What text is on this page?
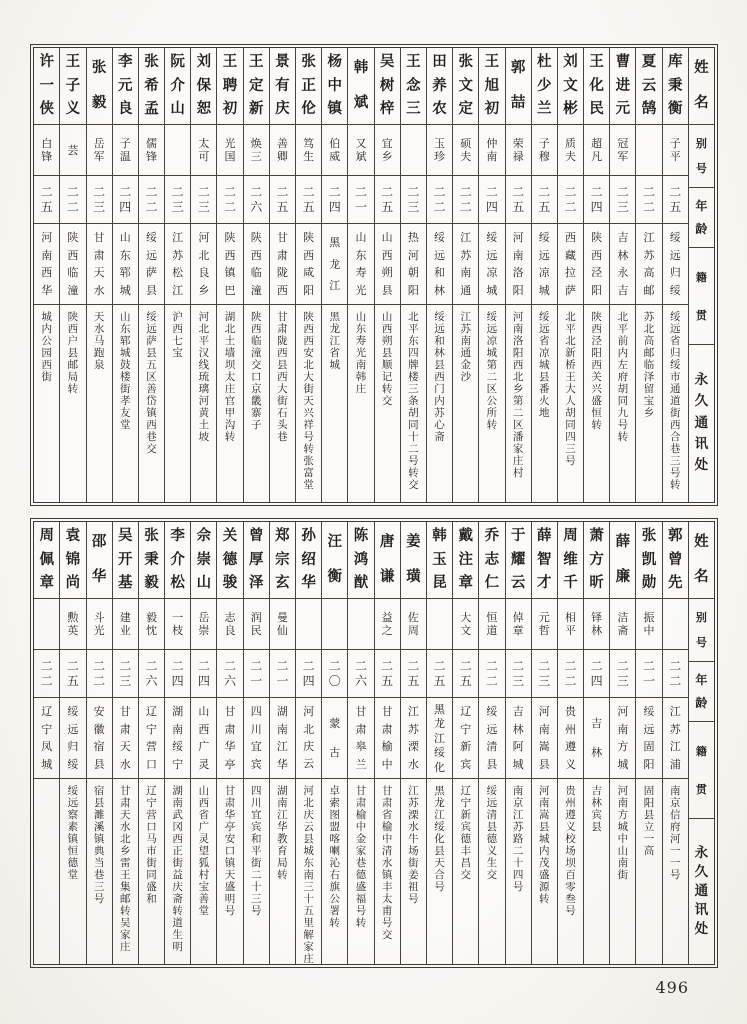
姓
名
别
号
年
龄
籍
贯
永
久
通
讯
处
库
秉
衡
子
平
二
五
绥
远
归
绥
绥
远
省
归
绥
市
通
道
街
西
合
巷
三
号
转
夏
云
鹄
二
二
江
苏
高
邮
苏
北
高
邮
临
泽
留
宝
乡
曹
进
元
冠
军
二
三
吉
林
永
吉
北
平
前
内
左
府
胡
同
九
号
转
王
化
民
超
凡
二
四
陕
西
泾
阳
陕
西
泾
阳
西
关
兴
盛
恒
转
刘
文
彬
质
夫
二
二
西
藏
拉
萨
北
平
北
新
桥
王
大
人
胡
同
四
三
号
杜
少
兰
子
穆
二
五
绥
远
凉
城
绥
远
省
凉
城
县
番
火
地
郭
喆
荣
禄
二
五
河
南
洛
阳
河
南
洛
阳
西
北
乡
第
二
区
潘
家
庄
村
王
旭
初
仲
南
二
四
绥
远
凉
城
绥
远
凉
城
第
二
区
公
所
转
张
文
定
硕
夫
二
二
江
苏
南
通
江
苏
南
通
金
沙
田
养
农
玉
珍
二
二
绥
远
和
林
绥
远
和
林
县
西
门
内
苏
心
斋
王
念
三
二
三
热
河
朝
阳
北
平
东
四
牌
楼
三
条
胡
同
十
二
号
转
交
吴
树
梓
宜
乡
二
五
山
西
朔
县
山
西
朔
县
顺
记
转
交
韩
斌
又
斌
二
一
山
东
寿
光
山
东
寿
光
南
韩
庄
杨
中
镇
伯
威
二
四
黑
龙
江
黑
龙
江
省
城
张
正
伦
笃
生
二
五
陕
西
咸
阳
陕
西
西
安
北
大
街
天
兴
祥
号
转
张
富
堂
景
有
庆
善
卿
二
五
甘
肃
陇
西
甘
肃
陇
西
县
西
大
街
石
头
巷
王
定
新
焕
三
二
六
陕
西
临
潼
陕
西
临
潼
交
口
京
畿
寨
子
王
聘
初
光
国
二
二
陕
西
镇
巴
湖
北
土
墙
坝
太
庄
官
甲
沟
转
刘
保
恕
太
可
二
三
河
北
良
乡
河
北
平
汉
线
琉
璃
河
黄
土
坡
阮
介
山
二
三
江
苏
松
江
沪
西
七
宝
张
希
孟
儒
锋
二
二
绥
远
萨
县
绥
远
萨
县
五
区
善
岱
镇
西
巷
交
李
元
良
子
温
二
四
山
东
郓
城
山
东
郓
城
鼓
楼
街
孝
友
堂
张
毅
岳
军
二
三
甘
肃
天
水
天
水
马
跑
泉
王
子
义
芸
二
二
陕
西
临
潼
陕
西
户
县
邮
局
转
许
一
侠
白
锋
二
五
河
南
西
华
城
内
公
园
西
街
姓
名
别
号
年
龄
籍
贯
永
久
通
讯
处
郭
曾
先
二
二
江
苏
江
浦
南
京
信
府
河
一
一
号
张
凯
勋
振
中
二
一
绥
远
固
阳
固
阳
县
立
一
高
薛
廉
洁
斋
二
三
河
南
方
城
河
南
方
城
中
山
南
街
萧
方
昕
铎
林
二
四
吉
林
吉
林
宾
县
周
维
千
相
平
二
二
贵
州
遵
义
贵
州
遵
义
校
场
坝
百
零
叁
号
薛
智
才
元
哲
二
三
河
南
嵩
县
河
南
嵩
县
城
内
茂
盛
源
转
于
耀
云
倬
章
二
三
吉
林
阿
城
南
京
江
苏
路
二
十
四
号
乔
志
仁
恒
道
二
二
绥
远
清
县
绥
远
清
县
德
义
生
交
戴
注
章
大
文
二
五
辽
宁
新
宾
辽
宁
新
宾
德
丰
昌
交
韩
玉
昆
二
五
黑
龙
江
绥
化
黑
龙
江
绥
化
县
天
合
号
姜
璜
佐
周
二
五
江
苏
溧
水
江
苏
溧
水
牛
场
街
姜
祖
号
唐
谦
益
之
二
五
甘
肃
榆
中
甘
肃
省
榆
中
清
水
镇
丰
太
甫
号
交
陈
鸿
猷
二
六
甘
肃
皋
兰
甘
肃
榆
中
金
家
巷
德
盛
福
号
转
汪
衡
二
〇
蒙
古
卓
索
图
盟
喀
喇
沁
右
旗
公
署
转
孙
绍
华
二
四
河
北
庆
云
河
北
庆
云
县
城
东
南
三
十
五
里
解
家
庄
郑
宗
玄
曼
仙
二
一
湖
南
江
华
湖
南
江
华
教
育
局
转
曾
厚
泽
润
民
二
一
四
川
宜
宾
四
川
宜
宾
和
平
街
二
十
三
号
关
德
骏
志
良
二
六
甘
肃
华
亭
甘
肃
华
亭
安
口
镇
天
盛
明
号
佘
崇
山
岳
崇
二
四
山
西
广
灵
山
西
省
广
灵
望
狐
村
宝
善
堂
李
介
松
一
枝
二
四
湖
南
绥
宁
湖
南
武
冈
西
正
街
益
庆
斋
转
道
生
明
张
秉
毅
毅
忱
二
六
辽
宁
营
口
辽
宁
营
口
马
市
街
同
盛
和
吴
开
基
建
业
二
三
甘
肃
天
水
甘
肃
天
水
北
乡
雷
王
集
邮
转
吴
家
庄
邵
华
斗
光
二
二
安
徽
宿
县
宿
县
濉
溪
镇
典
当
巷
三
号
袁
锦
尚
勲
英
二
五
绥
远
归
绥
绥
远
察
素
镇
恒
德
堂
周
佩
章
二
二
辽
宁
凤
城
496
